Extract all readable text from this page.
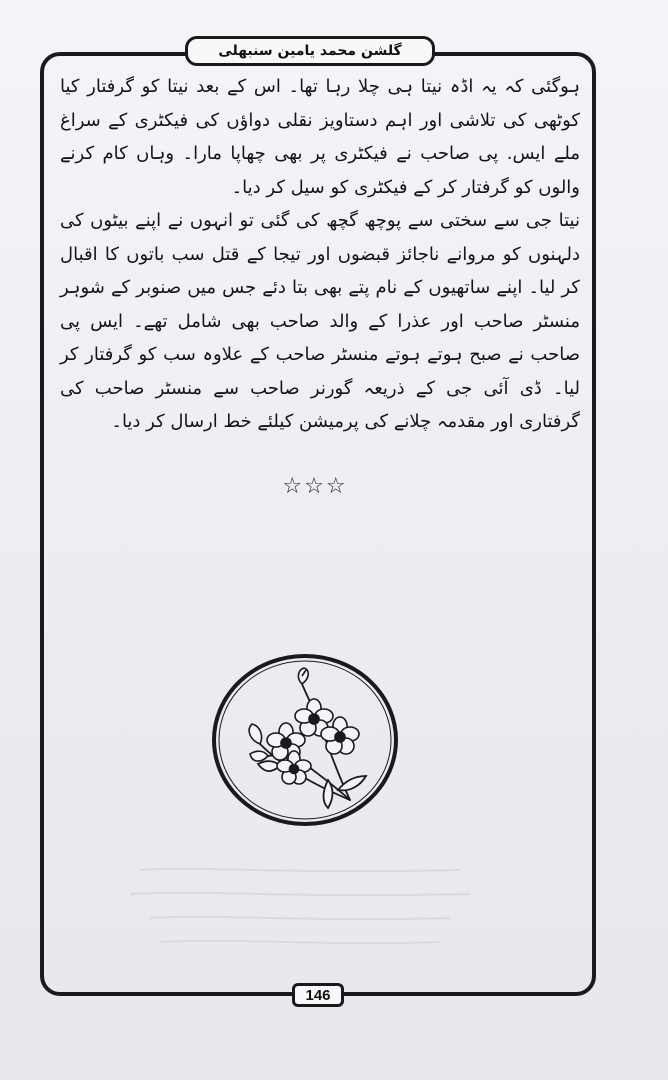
گلشن محمد یامین سنبھلی

ہوگئی کہ یہ اڈہ نیتا ہی چلا رہا تھا۔ اس کے بعد نیتا کو گرفتار کیا کوٹھی کی تلاشی اور اہم دستاویز نقلی دواؤں کی فیکٹری کے سراغ ملے ایس. پی صاحب نے فیکٹری پر بھی چھاپا مارا۔ وہاں کام کرنے والوں کو گرفتار کر کے فیکٹری کو سیل کر دیا۔

نیتا جی سے سختی سے پوچھ گچھ کی گئی تو انہوں نے اپنے بیٹوں کی دلہنوں کو مروانے ناجائز قبضوں اور تیجا کے قتل سب باتوں کا اقبال کر لیا۔ اپنے ساتھیوں کے نام پتے بھی بتا دئے جس میں صنوبر کے شوہر منسٹر صاحب اور عذرا کے والد صاحب بھی شامل تھے۔ ایس پی صاحب نے صبح ہوتے ہوتے منسٹر صاحب کے علاوہ سب کو گرفتار کر لیا۔ ڈی آئی جی کے ذریعہ گورنر صاحب سے منسٹر صاحب کی گرفتاری اور مقدمہ چلانے کی پرمیشن کیلئے خط ارسال کر دیا۔

☆☆☆
146
